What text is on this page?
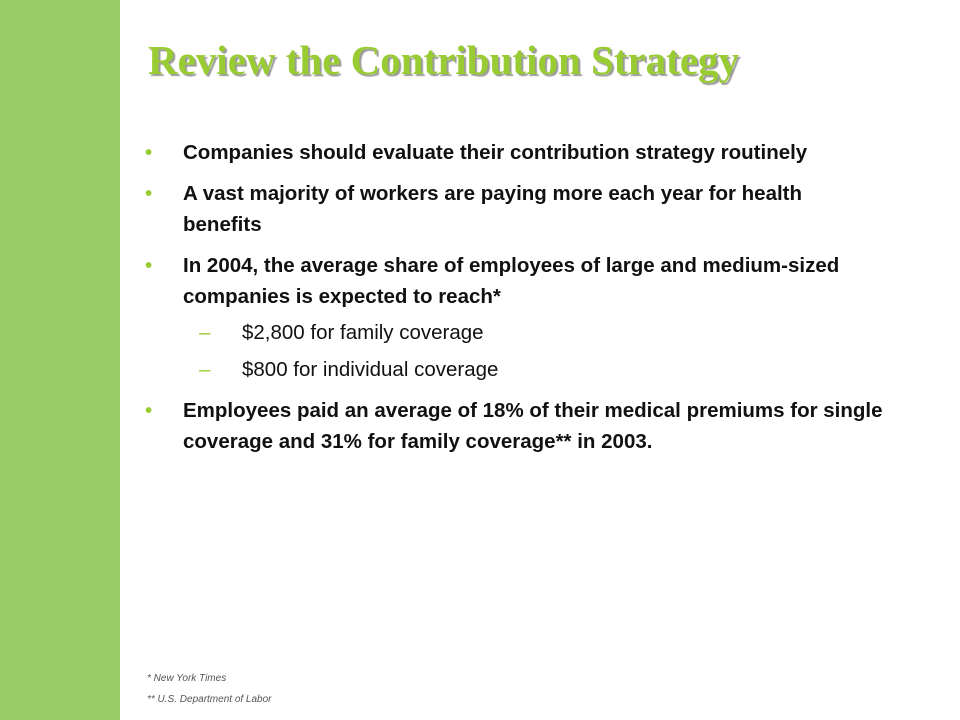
Review the Contribution Strategy
• Companies should evaluate their contribution strategy routinely
• A vast majority of workers are paying more each year for health benefits
• In 2004, the average share of employees of large and medium-sized companies is expected to reach*
– $2,800 for family coverage
– $800 for individual coverage
• Employees paid an average of 18% of their medical premiums for single coverage and 31% for family coverage** in 2003.

* New York Times

** U.S. Department of Labor
